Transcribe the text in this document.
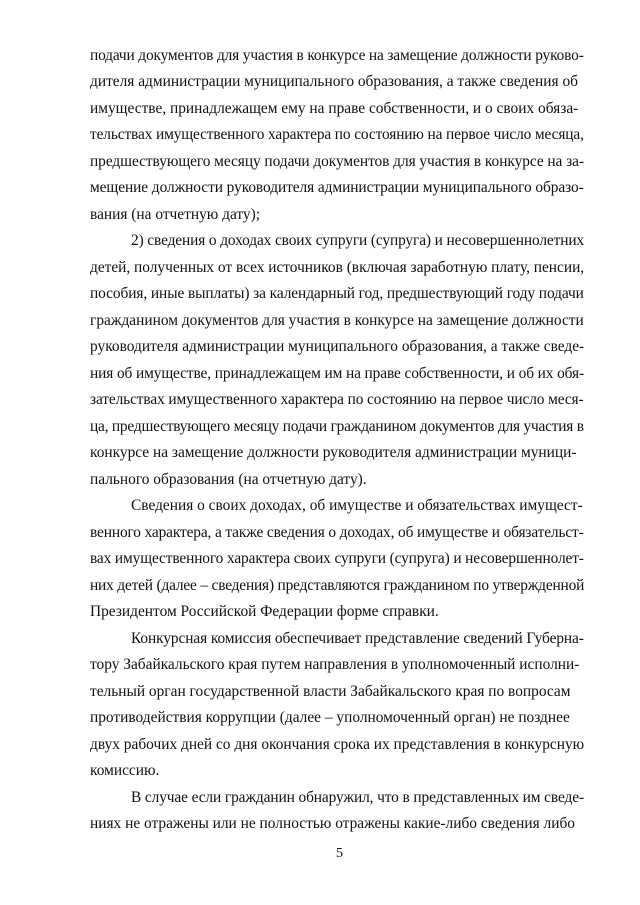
подачи документов для участия в конкурсе на замещение должности руково-
дителя администрации муниципального образования, а также сведения об
имуществе, принадлежащем ему на праве собственности, и о своих обяза-
тельствах имущественного характера по состоянию на первое число месяца,
предшествующего месяцу подачи документов для участия в конкурсе на за-
мещение должности руководителя администрации муниципального образо-
вания (на отчетную дату);
2) сведения о доходах своих супруги (супруга) и несовершеннолетних
детей, полученных от всех источников (включая заработную плату, пенсии,
пособия, иные выплаты) за календарный год, предшествующий году подачи
гражданином документов для участия в конкурсе на замещение должности
руководителя администрации муниципального образования, а также сведе-
ния об имуществе, принадлежащем им на праве собственности, и об их обя-
зательствах имущественного характера по состоянию на первое число меся-
ца, предшествующего месяцу подачи гражданином документов для участия в
конкурсе на замещение должности руководителя администрации муници-
пального образования (на отчетную дату).
Сведения о своих доходах, об имуществе и обязательствах имущест-
венного характера, а также сведения о доходах, об имуществе и обязательст-
вах имущественного характера своих супруги (супруга) и несовершеннолет-
них детей (далее – сведения) представляются гражданином по утвержденной
Президентом Российской Федерации форме справки.
Конкурсная комиссия обеспечивает представление сведений Губерна-
тору Забайкальского края путем направления в уполномоченный исполни-
тельный орган государственной власти Забайкальского края по вопросам
противодействия коррупции (далее – уполномоченный орган) не позднее
двух рабочих дней со дня окончания срока их представления в конкурсную
комиссию.
В случае если гражданин обнаружил, что в представленных им сведе-
ниях не отражены или не полностью отражены какие-либо сведения либо
5
